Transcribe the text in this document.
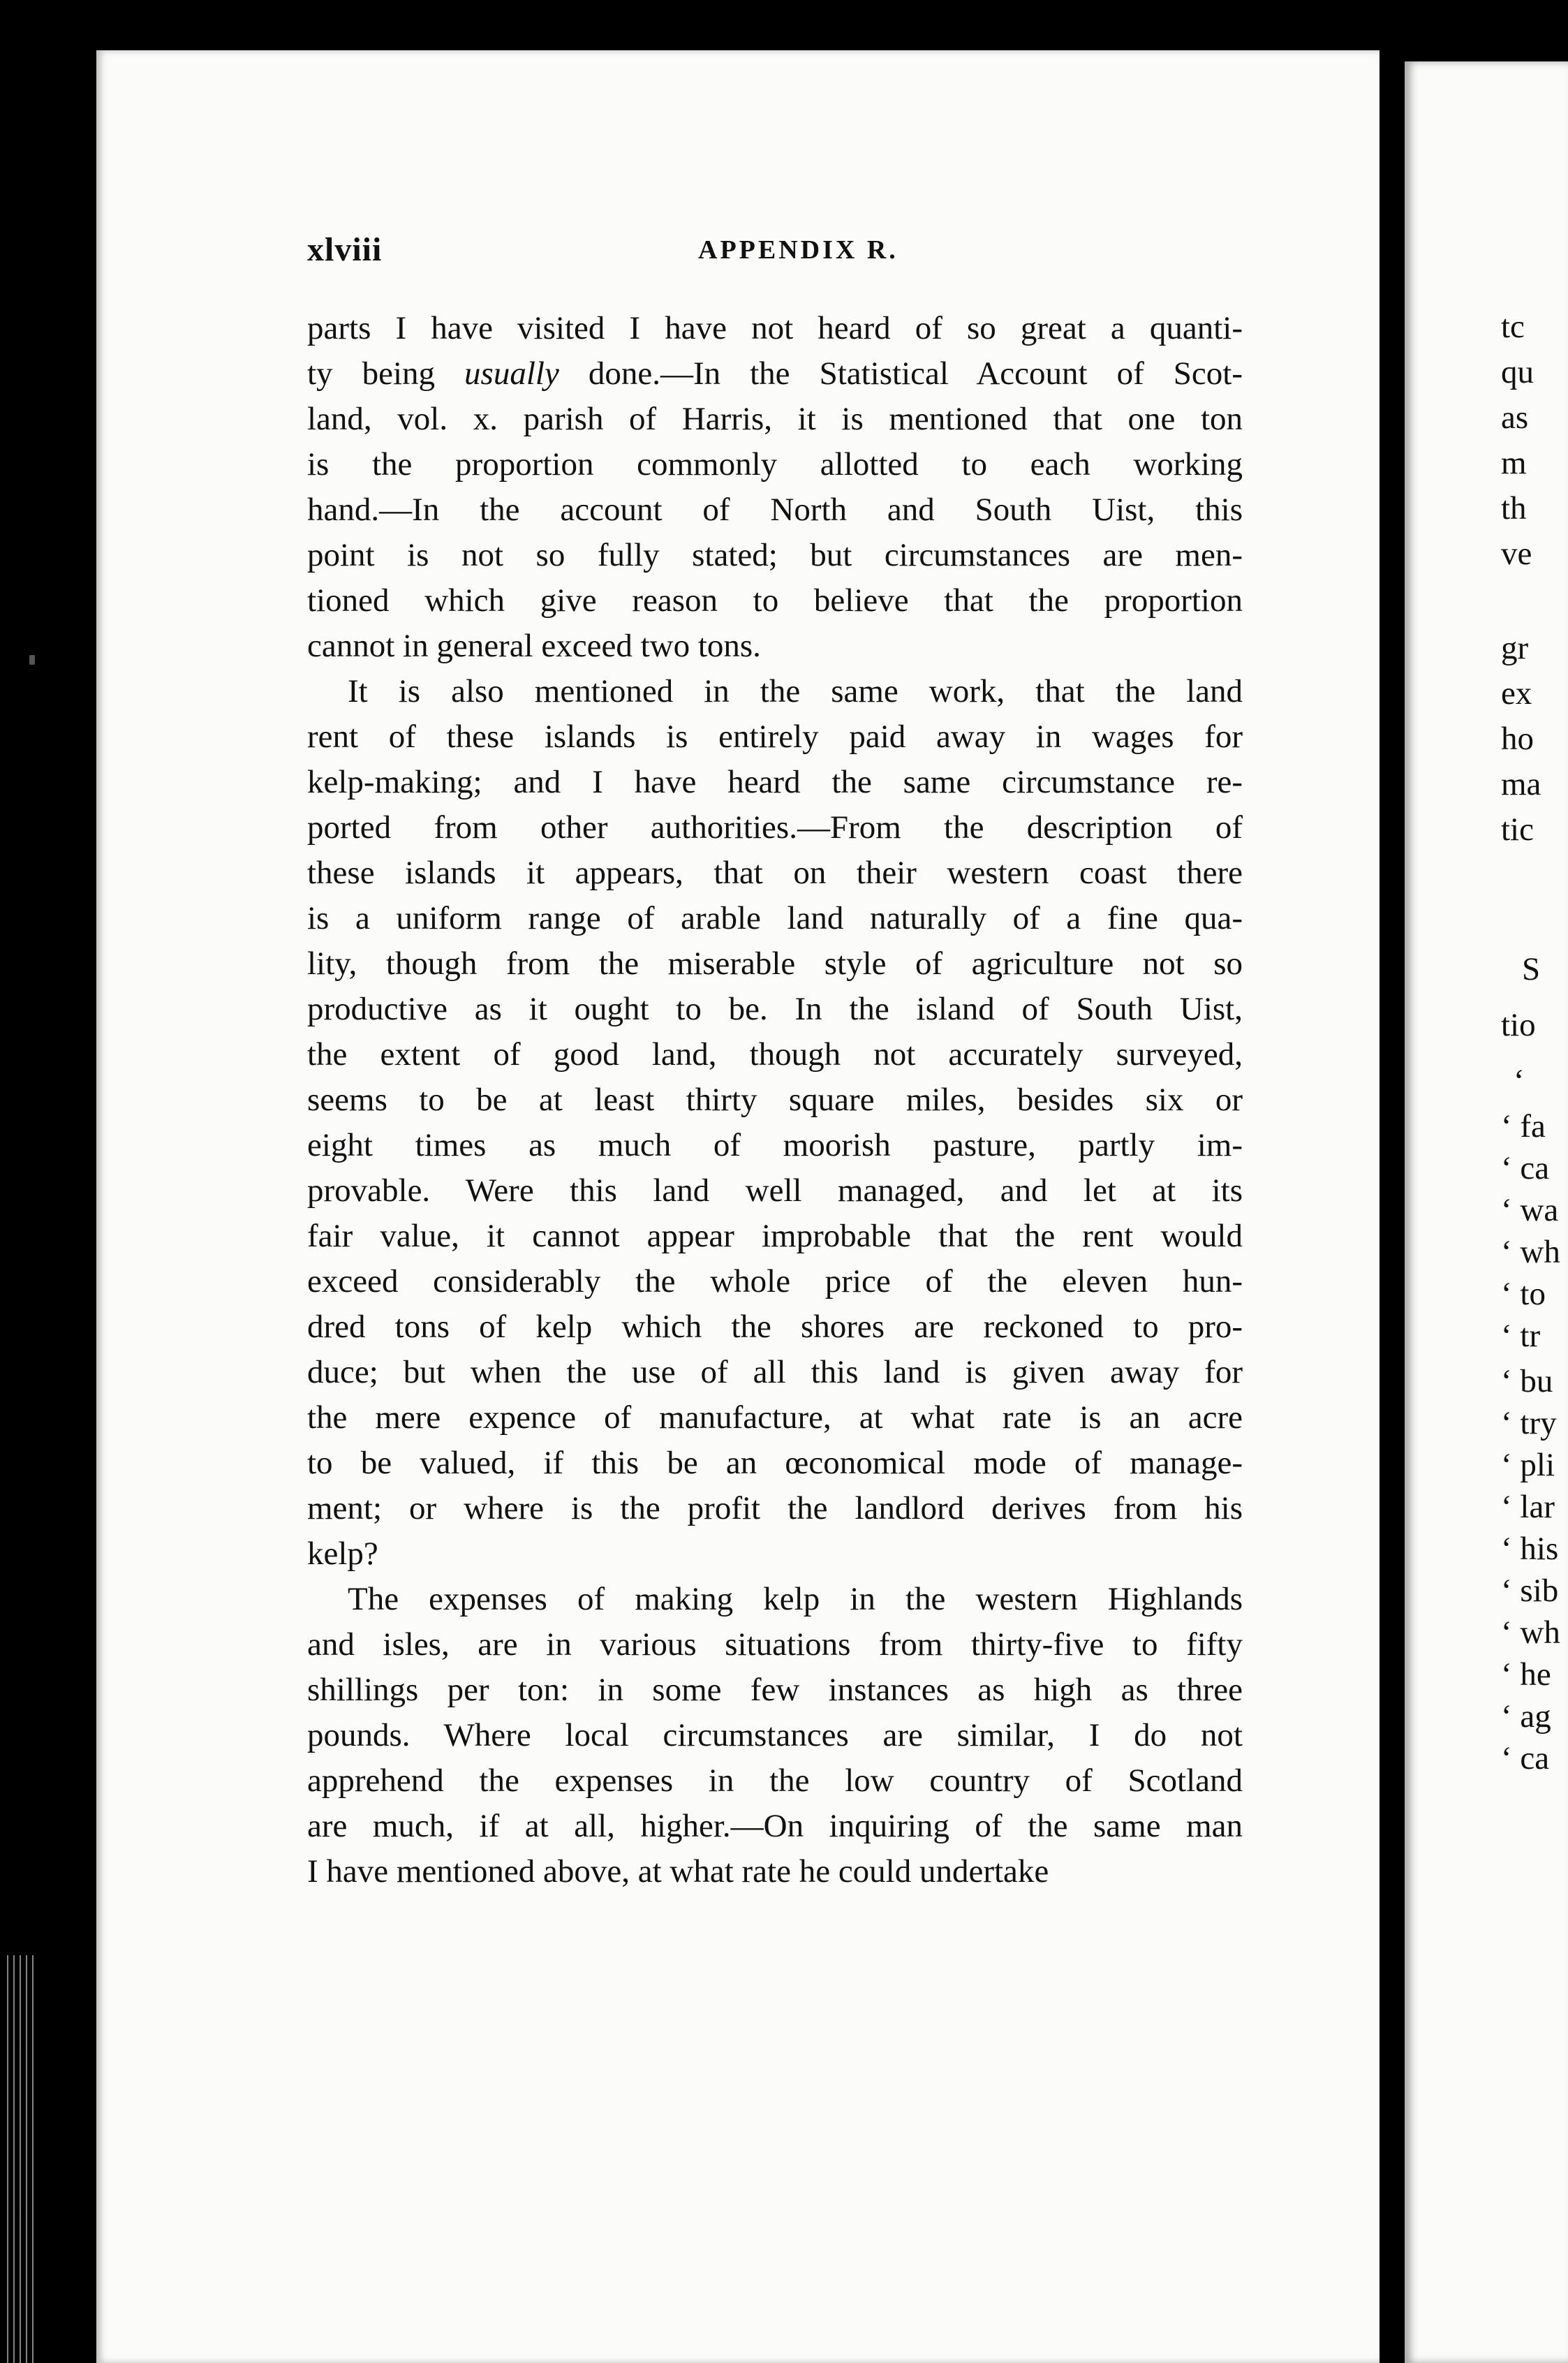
tc
qu
as
m
th
ve
gr
ex
ho
ma
tic
S
tio
‘
‘ fa
‘ ca
‘ wa
‘ wh
‘ to
‘ tr
‘ bu
‘ try
‘ pli
‘ lar
‘ his
‘ sib
‘ wh
‘ he
‘ ag
‘ ca
xlviii	APPENDIX R.
parts I have visited I have not heard of so great a quanti-
ty being usually done.—In the Statistical Account of Scot-
land, vol. x. parish of Harris, it is mentioned that one ton
is the proportion commonly allotted to each working
hand.—In the account of North and South Uist, this
point is not so fully stated; but circumstances are men-
tioned which give reason to believe that the proportion
cannot in general exceed two tons.
It is also mentioned in the same work, that the land
rent of these islands is entirely paid away in wages for
kelp-making; and I have heard the same circumstance re-
ported from other authorities.—From the description of
these islands it appears, that on their western coast there
is a uniform range of arable land naturally of a fine qua-
lity, though from the miserable style of agriculture not so
productive as it ought to be. In the island of South Uist,
the extent of good land, though not accurately surveyed,
seems to be at least thirty square miles, besides six or
eight times as much of moorish pasture, partly im-
provable. Were this land well managed, and let at its
fair value, it cannot appear improbable that the rent would
exceed considerably the whole price of the eleven hun-
dred tons of kelp which the shores are reckoned to pro-
duce; but when the use of all this land is given away for
the mere expence of manufacture, at what rate is an acre
to be valued, if this be an œconomical mode of manage-
ment; or where is the profit the landlord derives from his
kelp?
The expenses of making kelp in the western Highlands
and isles, are in various situations from thirty-five to fifty
shillings per ton: in some few instances as high as three
pounds. Where local circumstances are similar, I do not
apprehend the expenses in the low country of Scotland
are much, if at all, higher.—On inquiring of the same man
I have mentioned above, at what rate he could undertake
